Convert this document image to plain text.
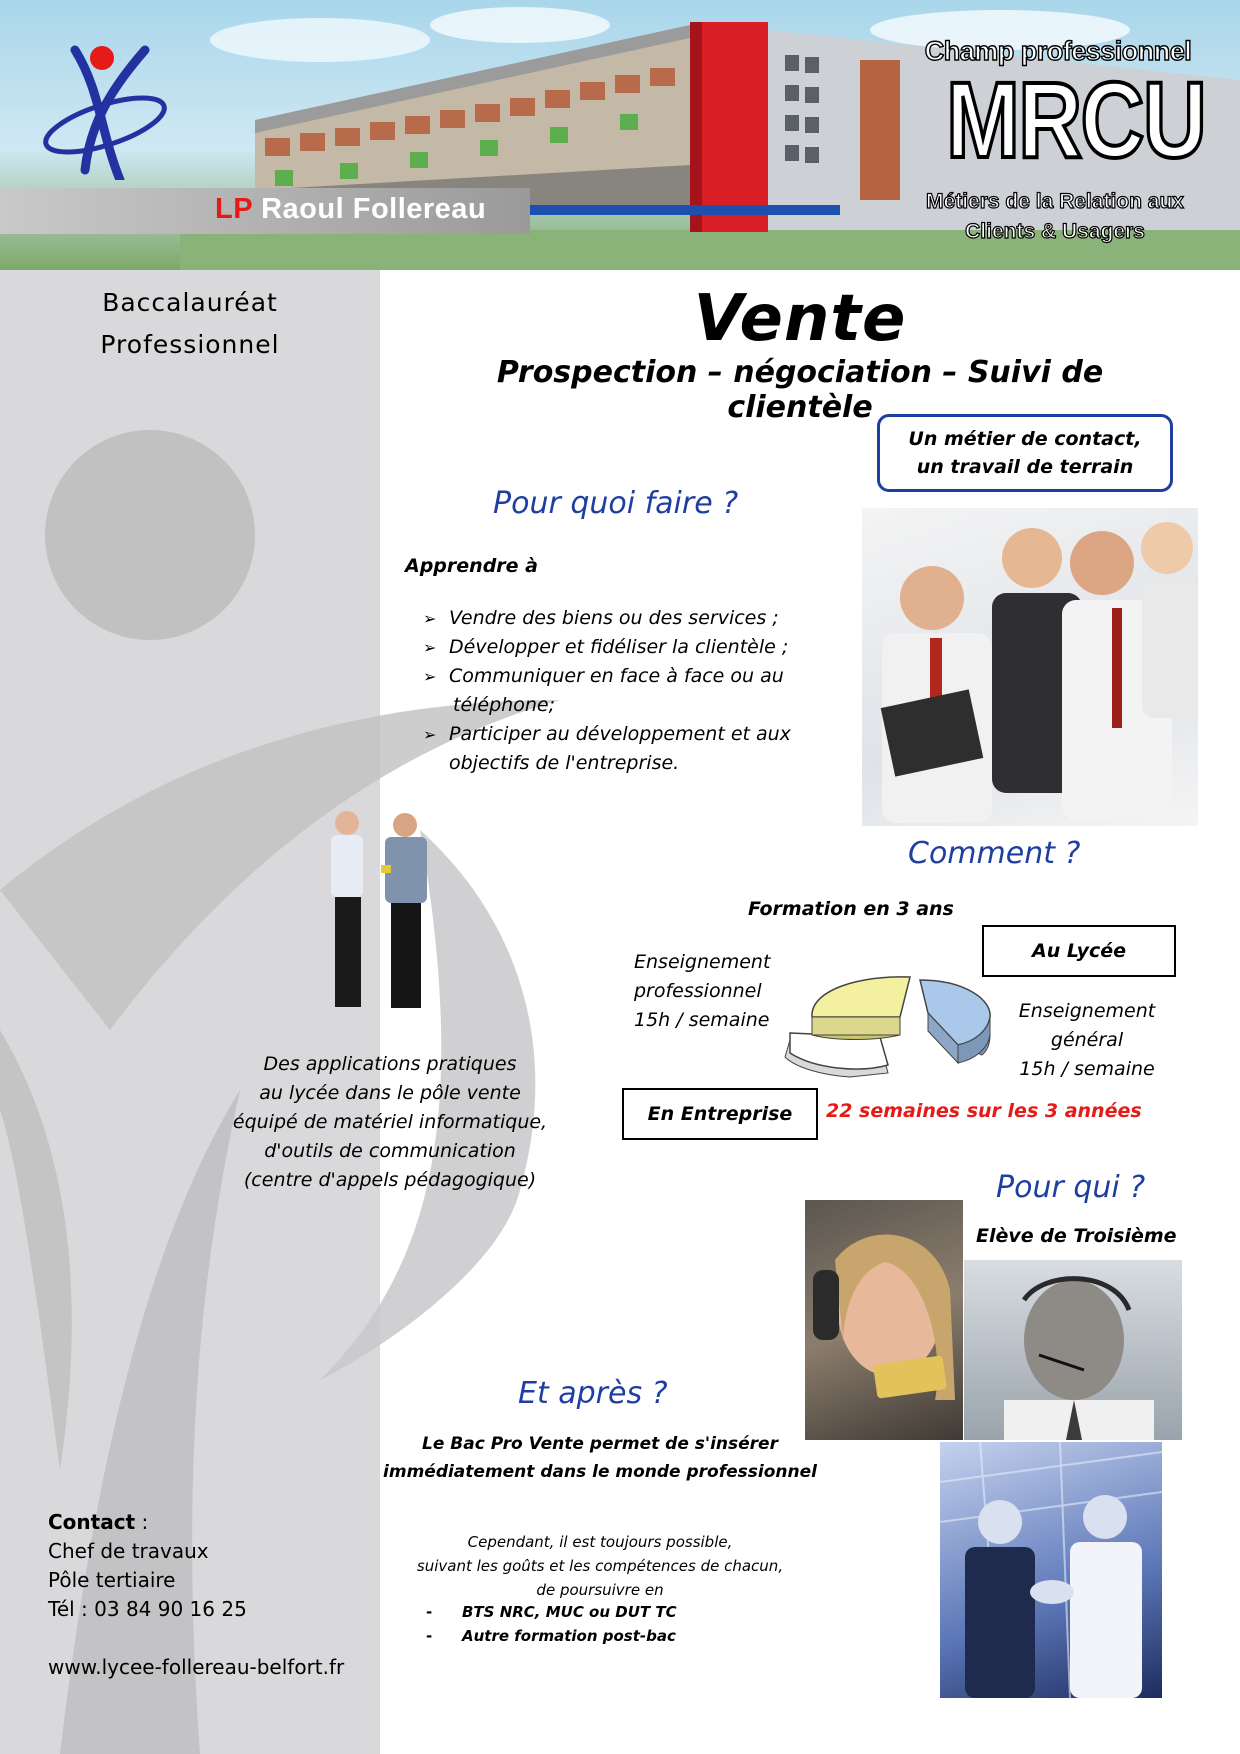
LP Raoul Follereau
Champ professionnel
MRCU
Métiers de la Relation aux
Clients & Usagers
Baccalauréat
Professionnel
Des applications pratiques
au lycée dans le pôle vente
équipé de matériel informatique,
d'outils de communication
(centre d'appels pédagogique)
Contact :
Chef de travaux
Pôle tertiaire
Tél : 03 84 90 16 25
www.lycee-follereau-belfort.fr
Vente
Prospection – négociation – Suivi de clientèle
Un métier de contact,
un travail de terrain
Pour quoi faire ?
Apprendre à
➢ Vendre des biens ou des services ;
➢ Développer et fidéliser la clientèle ;
➢ Communiquer en face à face ou au
téléphone;
➢ Participer au développement et aux
objectifs de l'entreprise.
Comment ?
Formation en 3 ans
Au Lycée
Enseignement
professionnel
15h / semaine	Enseignement
général
15h / semaine
En Entreprise 22 semaines sur les 3 années
Pour qui ?
Elève de Troisième
Et après ?
Le Bac Pro Vente permet de s'insérer
immédiatement dans le monde professionnel
Cependant, il est toujours possible,
suivant les goûts et les compétences de chacun,
de poursuivre en
- BTS NRC, MUC ou DUT TC
- Autre formation post-bac
